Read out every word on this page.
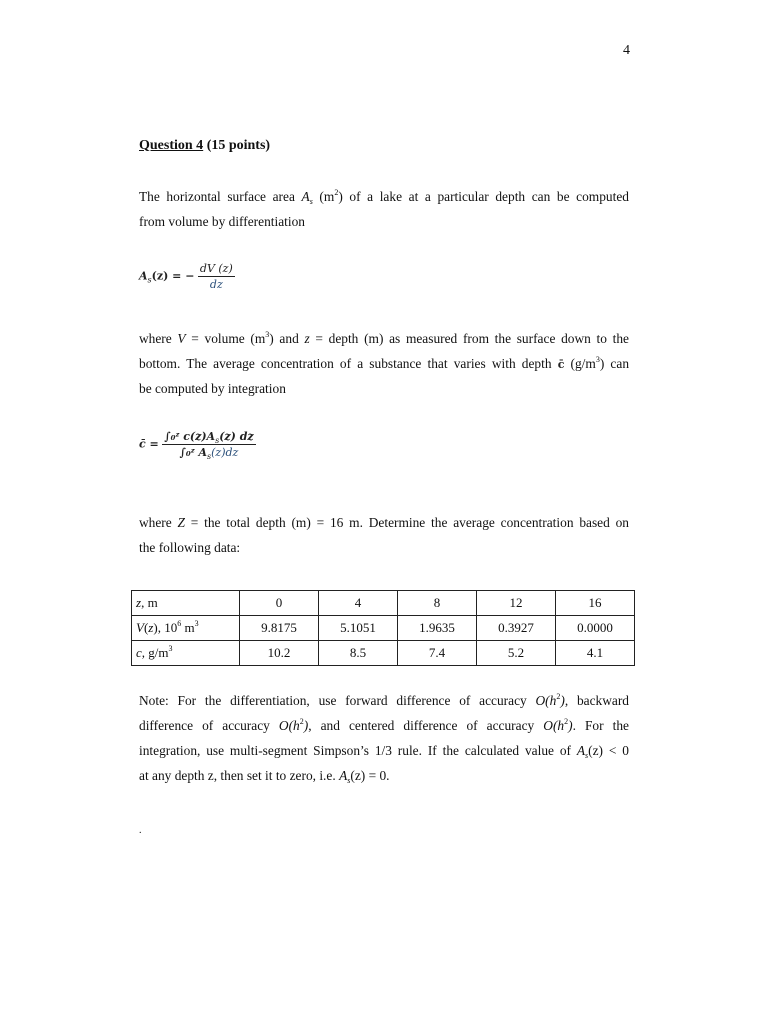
4
Question 4 (15 points)
The horizontal surface area $A_s$ $(m^2)$ of a lake at a particular depth can be computed
from volume by differentiation
$A_s(z)$ = − $\frac{dV (z)}{dz}$
where V = volume $(m^3)$ and z = depth (m) as measured from the surface down to the
bottom. The average concentration of a substance that varies with depth c̄ $(g/m^3)$ can
be computed by integration
c̄ = $\frac{\int_0ᶻ c(z)A_s(z) dz}{\int_0ᶻ A_s(z)dz}$
where Z = the total depth (m) = 16 m. Determine the average concentration based on
the following data:
z, m	0	4	8	12	16
V(z), $10^6$ $m^3$	9.8175	5.1051	1.9635	0.3927	0.0000
c, $g/m^3$	10.2	8.5	7.4	5.2	4.1
Note: For the differentiation, use forward difference of accuracy $O(h^2)$, backward
difference of accuracy $O(h^2)$, and centered difference of accuracy $O(h^2)$. For the
integration, use multi-segment Simpson’s 1/3 rule. If the calculated value of $A_s(z) < 0$
at any depth z, then set it to zero, i.e. $A_s(z) = 0$.
.
